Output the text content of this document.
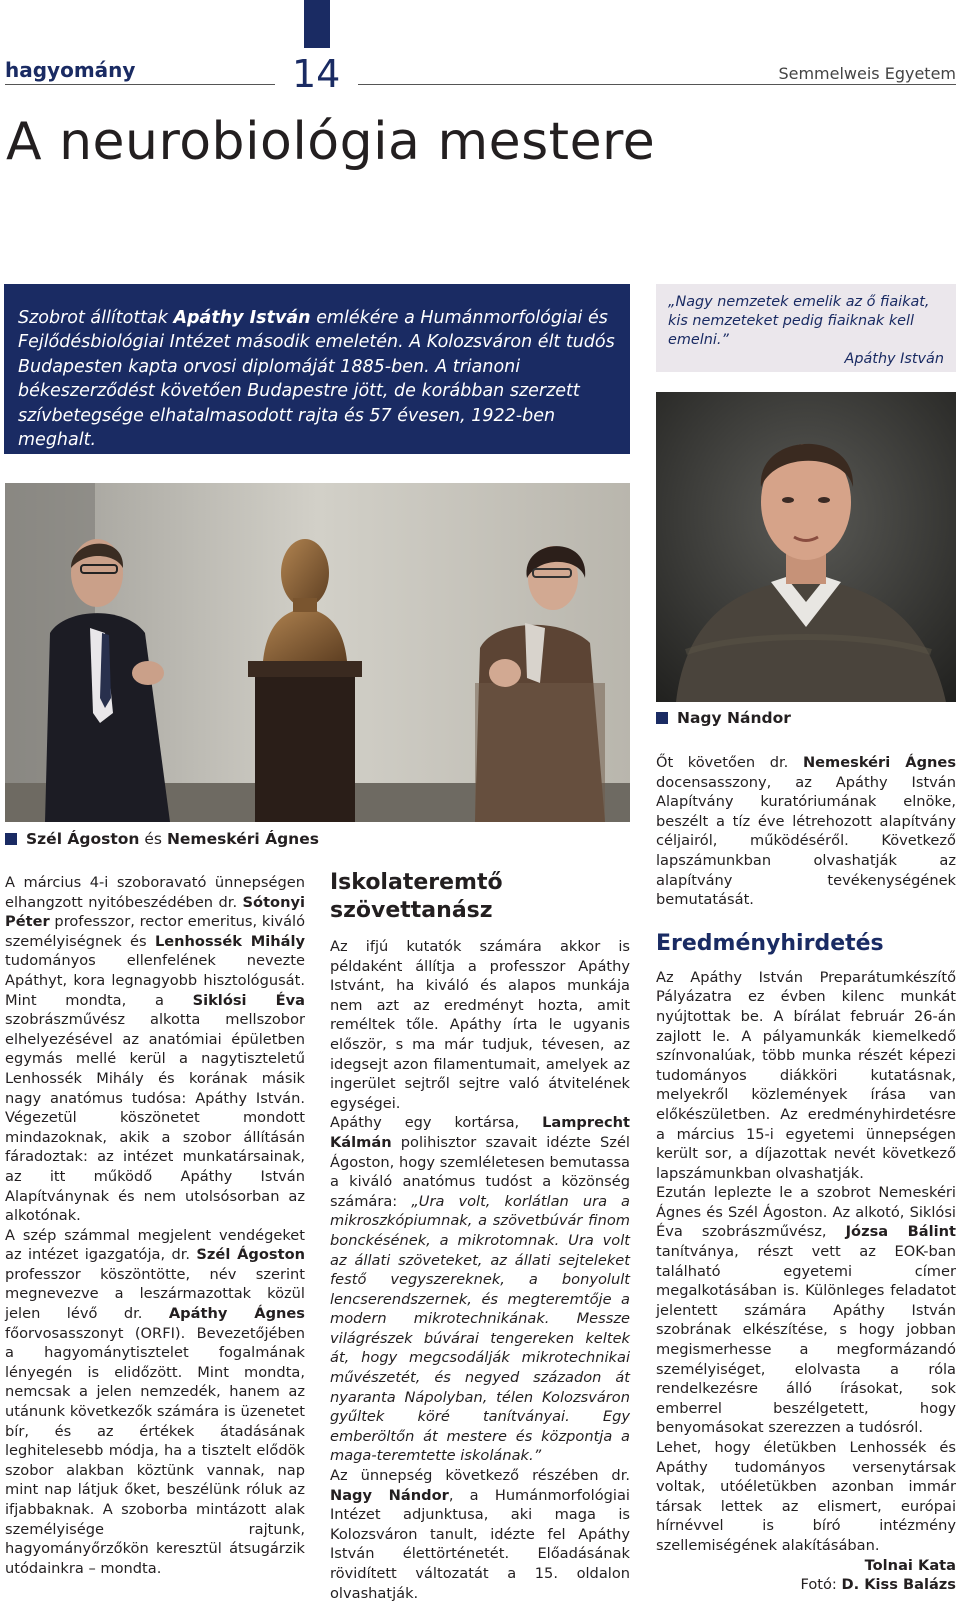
hagyomány	14	Semmelweis Egyetem
A neurobiológia mestere
Szobrot állítottak Apáthy István emlékére a Humánmorfológiai és Fejlődésbiológiai Intézet második emeletén. A Kolozsváron élt tudós Budapesten kapta orvosi diplomáját 1885-ben. A trianoni békeszerződést követően Budapestre jött, de korábban szerzett szívbetegsége elhatalmasodott rajta és 57 évesen, 1922-ben meghalt.
„Nagy nemzetek emelik az ő fiaikat, kis nemzeteket pedig fiaiknak kell emelni.”
Apáthy István
Nagy Nándor
Szél Ágoston és Nemeskéri Ágnes

A március 4-i szoboravató ünnepségen elhangzott nyitóbeszédében dr. Sótonyi Péter professzor, rector emeritus, kiváló személyiségnek és Lenhossék Mihály tudományos ellenfelének nevezte Apáthyt, kora legnagyobb hisztológusát. Mint mondta, a Siklósi Éva szobrászművész alkotta mellszobor elhelyezésével az anatómiai épületben egymás mellé kerül a nagytiszteletű Lenhossék Mihály és korának másik nagy anatómus tudósa: Apáthy István. Végezetül köszönetet mondott mindazoknak, akik a szobor állításán fáradoztak: az intézet munkatársainak, az itt működő Apáthy István Alapítványnak és nem utolsósorban az alkotónak.

A szép számmal megjelent vendégeket az intézet igazgatója, dr. Szél Ágoston professzor köszöntötte, név szerint megnevezve a leszármazottak közül jelen lévő dr. Apáthy Ágnes főorvosasszonyt (ORFI). Bevezetőjében a hagyománytisztelet fogalmának lényegén is elidőzött. Mint mondta, nemcsak a jelen nemzedék, hanem az utánunk következők számára is üzenetet bír, és az értékek átadásának leghitelesebb módja, ha a tisztelt elődök szobor alakban köztünk vannak, nap mint nap látjuk őket, beszélünk róluk az ifjabbaknak. A szoborba mintázott alak személyisége rajtunk, hagyományőrzőkön keresztül átsugárzik utódainkra – mondta.

Iskolateremtő szövettanász

Az ifjú kutatók számára akkor is példaként állítja a professzor Apáthy Istvánt, ha kiváló és alapos munkája nem azt az eredményt hozta, amit reméltek tőle. Apáthy írta le ugyanis először, s ma már tudjuk, tévesen, az idegsejt azon filamentumait, amelyek az ingerület sejtről sejtre való átvitelének egységei.

Apáthy egy kortársa, Lamprecht Kálmán polihisztor szavait idézte Szél Ágoston, hogy szemléletesen bemutassa a kiváló anatómus tudóst a közönség számára: „Ura volt, korlátlan ura a mikroszkópiumnak, a szövetbúvár finom bonckésének, a mikrotomnak. Ura volt az állati szöveteket, az állati sejteleket festő vegyszereknek, a bonyolult lencserendszernek, és megteremtője a modern mikrotechnikának. Messze világrészek búvárai tengereken keltek át, hogy megcsodálják mikrotechnikai művészetét, és negyed századon át nyaranta Nápolyban, télen Kolozsváron gyűltek köré tanítványai. Egy emberöltőn át mestere és központja a maga-teremtette iskolának.”

Az ünnepség következő részében dr. Nagy Nándor, a Humánmorfológiai Intézet adjunktusa, aki maga is Kolozsváron tanult, idézte fel Apáthy István élettörténetét. Előadásának rövidített változatát a 15. oldalon olvashatják.

Őt követően dr. Nemeskéri Ágnes docensasszony, az Apáthy István Alapítvány kuratóriumának elnöke, beszélt a tíz éve létrehozott alapítvány céljairól, működéséről. Következő lapszámunkban olvashatják az alapítvány tevékenységének bemutatását.

Eredményhirdetés

Az Apáthy István Preparátumkészítő Pályázatra ez évben kilenc munkát nyújtottak be. A bírálat február 26-án zajlott le. A pályamunkák kiemelkedő színvonalúak, több munka részét képezi tudományos diákköri kutatásnak, melyekről közlemények írása van előkészületben. Az eredményhirdetésre a március 15-i egyetemi ünnepségen került sor, a díjazottak nevét következő lapszámunkban olvashatják.

Ezután leplezte le a szobrot Nemeskéri Ágnes és Szél Ágoston. Az alkotó, Siklósi Éva szobrászművész, Józsa Bálint tanítványa, részt vett az EOK-ban található egyetemi címer megalkotásában is. Különleges feladatot jelentett számára Apáthy István szobrának elkészítése, s hogy jobban megismerhesse a megformázandó személyiséget, elolvasta a róla rendelkezésre álló írásokat, sok emberrel beszélgetett, hogy benyomásokat szerezzen a tudósról.

Lehet, hogy életükben Lenhossék és Apáthy tudományos versenytársak voltak, utóéletükben azonban immár társak lettek az elismert, európai hírnévvel is bíró intézmény szellemiségének alakításában.

Tolnai Kata
Fotó: D. Kiss Balázs
